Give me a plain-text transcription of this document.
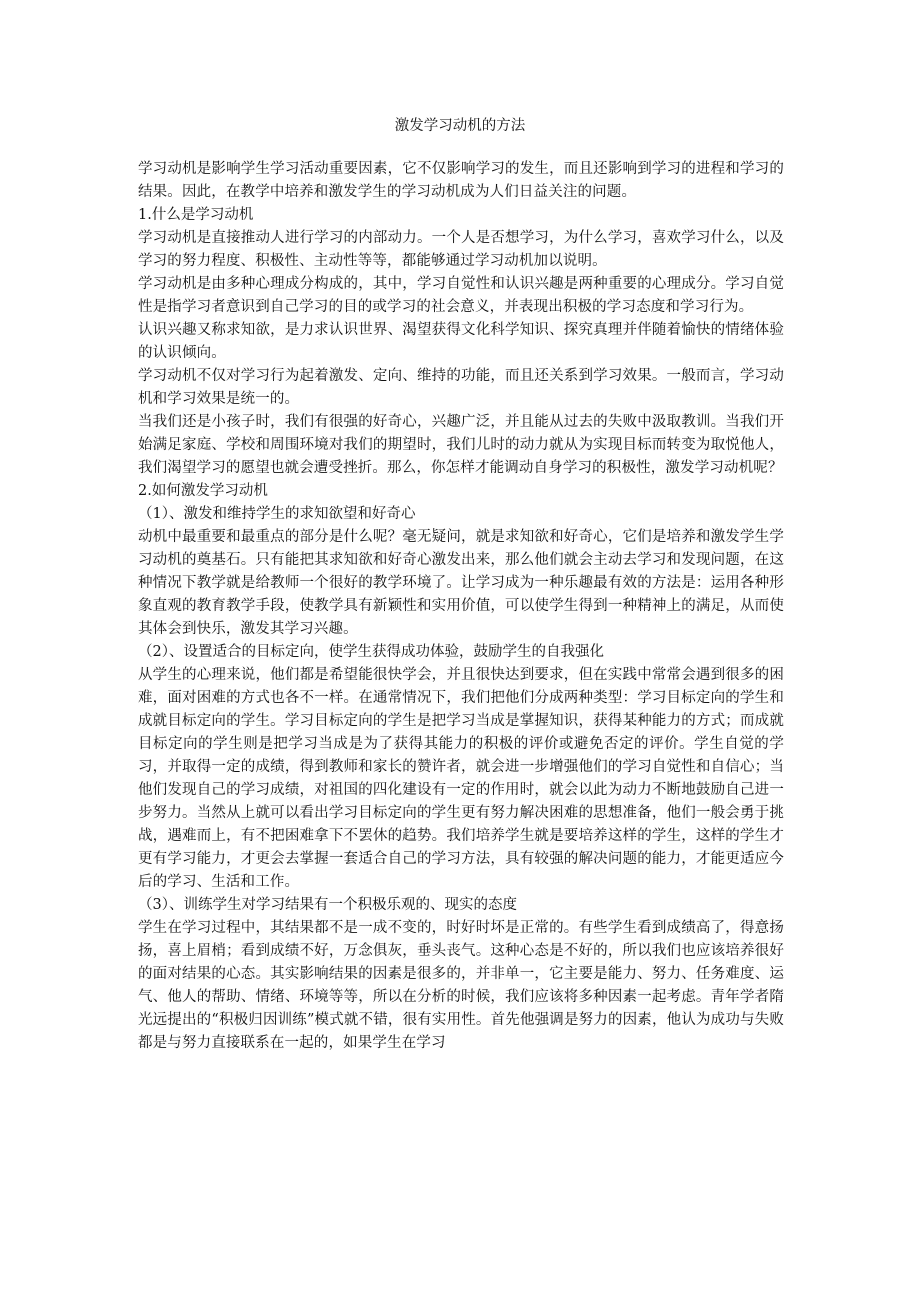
激发学习动机的方法

学习动机是影响学生学习活动重要因素，它不仅影响学习的发生，而且还影响到学习的进程和学习的结果。因此，在教学中培养和激发学生的学习动机成为人们日益关注的问题。

1.什么是学习动机

学习动机是直接推动人进行学习的内部动力。一个人是否想学习，为什么学习，喜欢学习什么，以及学习的努力程度、积极性、主动性等等，都能够通过学习动机加以说明。

学习动机是由多种心理成分构成的，其中，学习自觉性和认识兴趣是两种重要的心理成分。学习自觉性是指学习者意识到自己学习的目的或学习的社会意义，并表现出积极的学习态度和学习行为。

认识兴趣又称求知欲，是力求认识世界、渴望获得文化科学知识、探究真理并伴随着愉快的情绪体验的认识倾向。

学习动机不仅对学习行为起着激发、定向、维持的功能，而且还关系到学习效果。一般而言，学习动机和学习效果是统一的。

当我们还是小孩子时，我们有很强的好奇心，兴趣广泛，并且能从过去的失败中汲取教训。当我们开始满足家庭、学校和周围环境对我们的期望时，我们儿时的动力就从为实现目标而转变为取悦他人，我们渴望学习的愿望也就会遭受挫折。那么，你怎样才能调动自身学习的积极性，激发学习动机呢？

2.如何激发学习动机

（1）、激发和维持学生的求知欲望和好奇心

动机中最重要和最重点的部分是什么呢？毫无疑问，就是求知欲和好奇心，它们是培养和激发学生学习动机的奠基石。只有能把其求知欲和好奇心激发出来，那么他们就会主动去学习和发现问题，在这种情况下教学就是给教师一个很好的教学环境了。让学习成为一种乐趣最有效的方法是：运用各种形象直观的教育教学手段，使教学具有新颖性和实用价值，可以使学生得到一种精神上的满足，从而使其体会到快乐，激发其学习兴趣。

（2）、设置适合的目标定向，使学生获得成功体验，鼓励学生的自我强化

从学生的心理来说，他们都是希望能很快学会，并且很快达到要求，但在实践中常常会遇到很多的困难，面对困难的方式也各不一样。在通常情况下，我们把他们分成两种类型：学习目标定向的学生和成就目标定向的学生。学习目标定向的学生是把学习当成是掌握知识，获得某种能力的方式；而成就目标定向的学生则是把学习当成是为了获得其能力的积极的评价或避免否定的评价。学生自觉的学习，并取得一定的成绩，得到教师和家长的赞许者，就会进一步增强他们的学习自觉性和自信心；当他们发现自己的学习成绩，对祖国的四化建设有一定的作用时，就会以此为动力不断地鼓励自己进一步努力。当然从上就可以看出学习目标定向的学生更有努力解决困难的思想准备，他们一般会勇于挑战，遇难而上，有不把困难拿下不罢休的趋势。我们培养学生就是要培养这样的学生，这样的学生才更有学习能力，才更会去掌握一套适合自己的学习方法，具有较强的解决问题的能力，才能更适应今后的学习、生活和工作。

（3）、训练学生对学习结果有一个积极乐观的、现实的态度

学生在学习过程中，其结果都不是一成不变的，时好时坏是正常的。有些学生看到成绩高了，得意扬扬，喜上眉梢；看到成绩不好，万念俱灰，垂头丧气。这种心态是不好的，所以我们也应该培养很好的面对结果的心态。其实影响结果的因素是很多的，并非单一，它主要是能力、努力、任务难度、运气、他人的帮助、情绪、环境等等，所以在分析的时候，我们应该将多种因素一起考虑。青年学者隋光远提出的“积极归因训练”模式就不错，很有实用性。首先他强调是努力的因素，他认为成功与失败都是与努力直接联系在一起的，如果学生在学习
